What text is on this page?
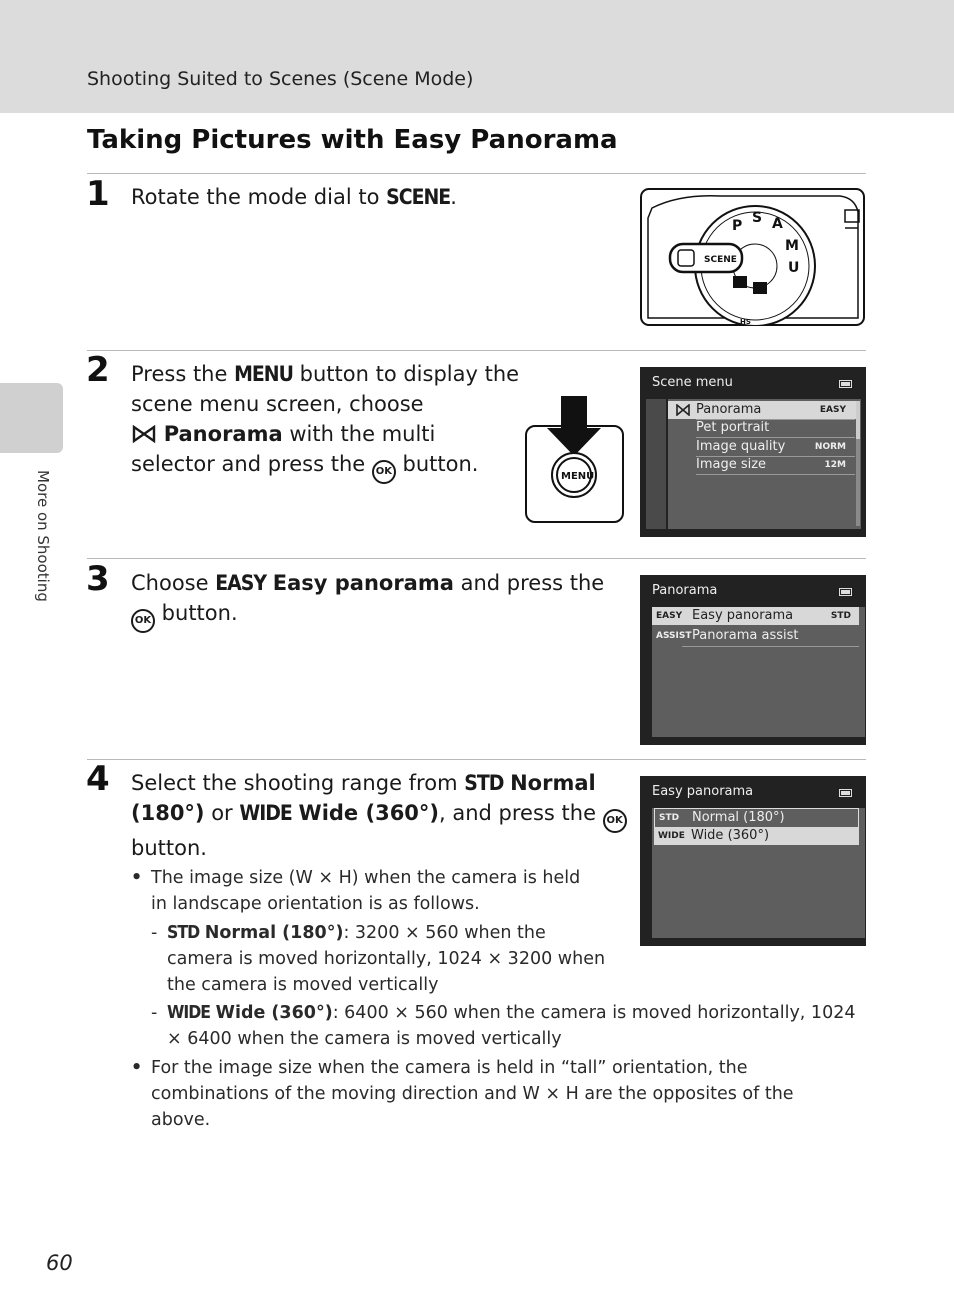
Shooting Suited to Scenes (Scene Mode)
More on Shooting
Taking Pictures with Easy Panorama
1 Rotate the mode dial to SCENE.
P S A
M
U
SCENE
HS
2 Press the MENU button to display the
scene menu screen, choose
Panorama with the multi
selector and press the OK button.
MENU
Scene menu
Panorama	EASY
Pet portrait
Image quality	NORM
Image size	12M
3 Choose EASY Easy panorama and press the
OK button.
Panorama
EASY Easy panorama	STD
ASSIST Panorama assist
4 Select the shooting range from STD Normal
(180°) or WIDE Wide (360°), and press the OK
button.
Easy panorama
STD Normal (180°)
WIDE Wide (360°)
• The image size (W × H) when the camera is held in landscape orientation is as follows.
- STD Normal (180°): 3200 × 560 when the camera is moved horizontally, 1024 × 3200 when the camera is moved vertically
- WIDE Wide (360°): 6400 × 560 when the camera is moved horizontally, 1024 × 6400 when the camera is moved vertically
• For the image size when the camera is held in “tall” orientation, the combinations of the moving direction and W × H are the opposites of the above.
60
